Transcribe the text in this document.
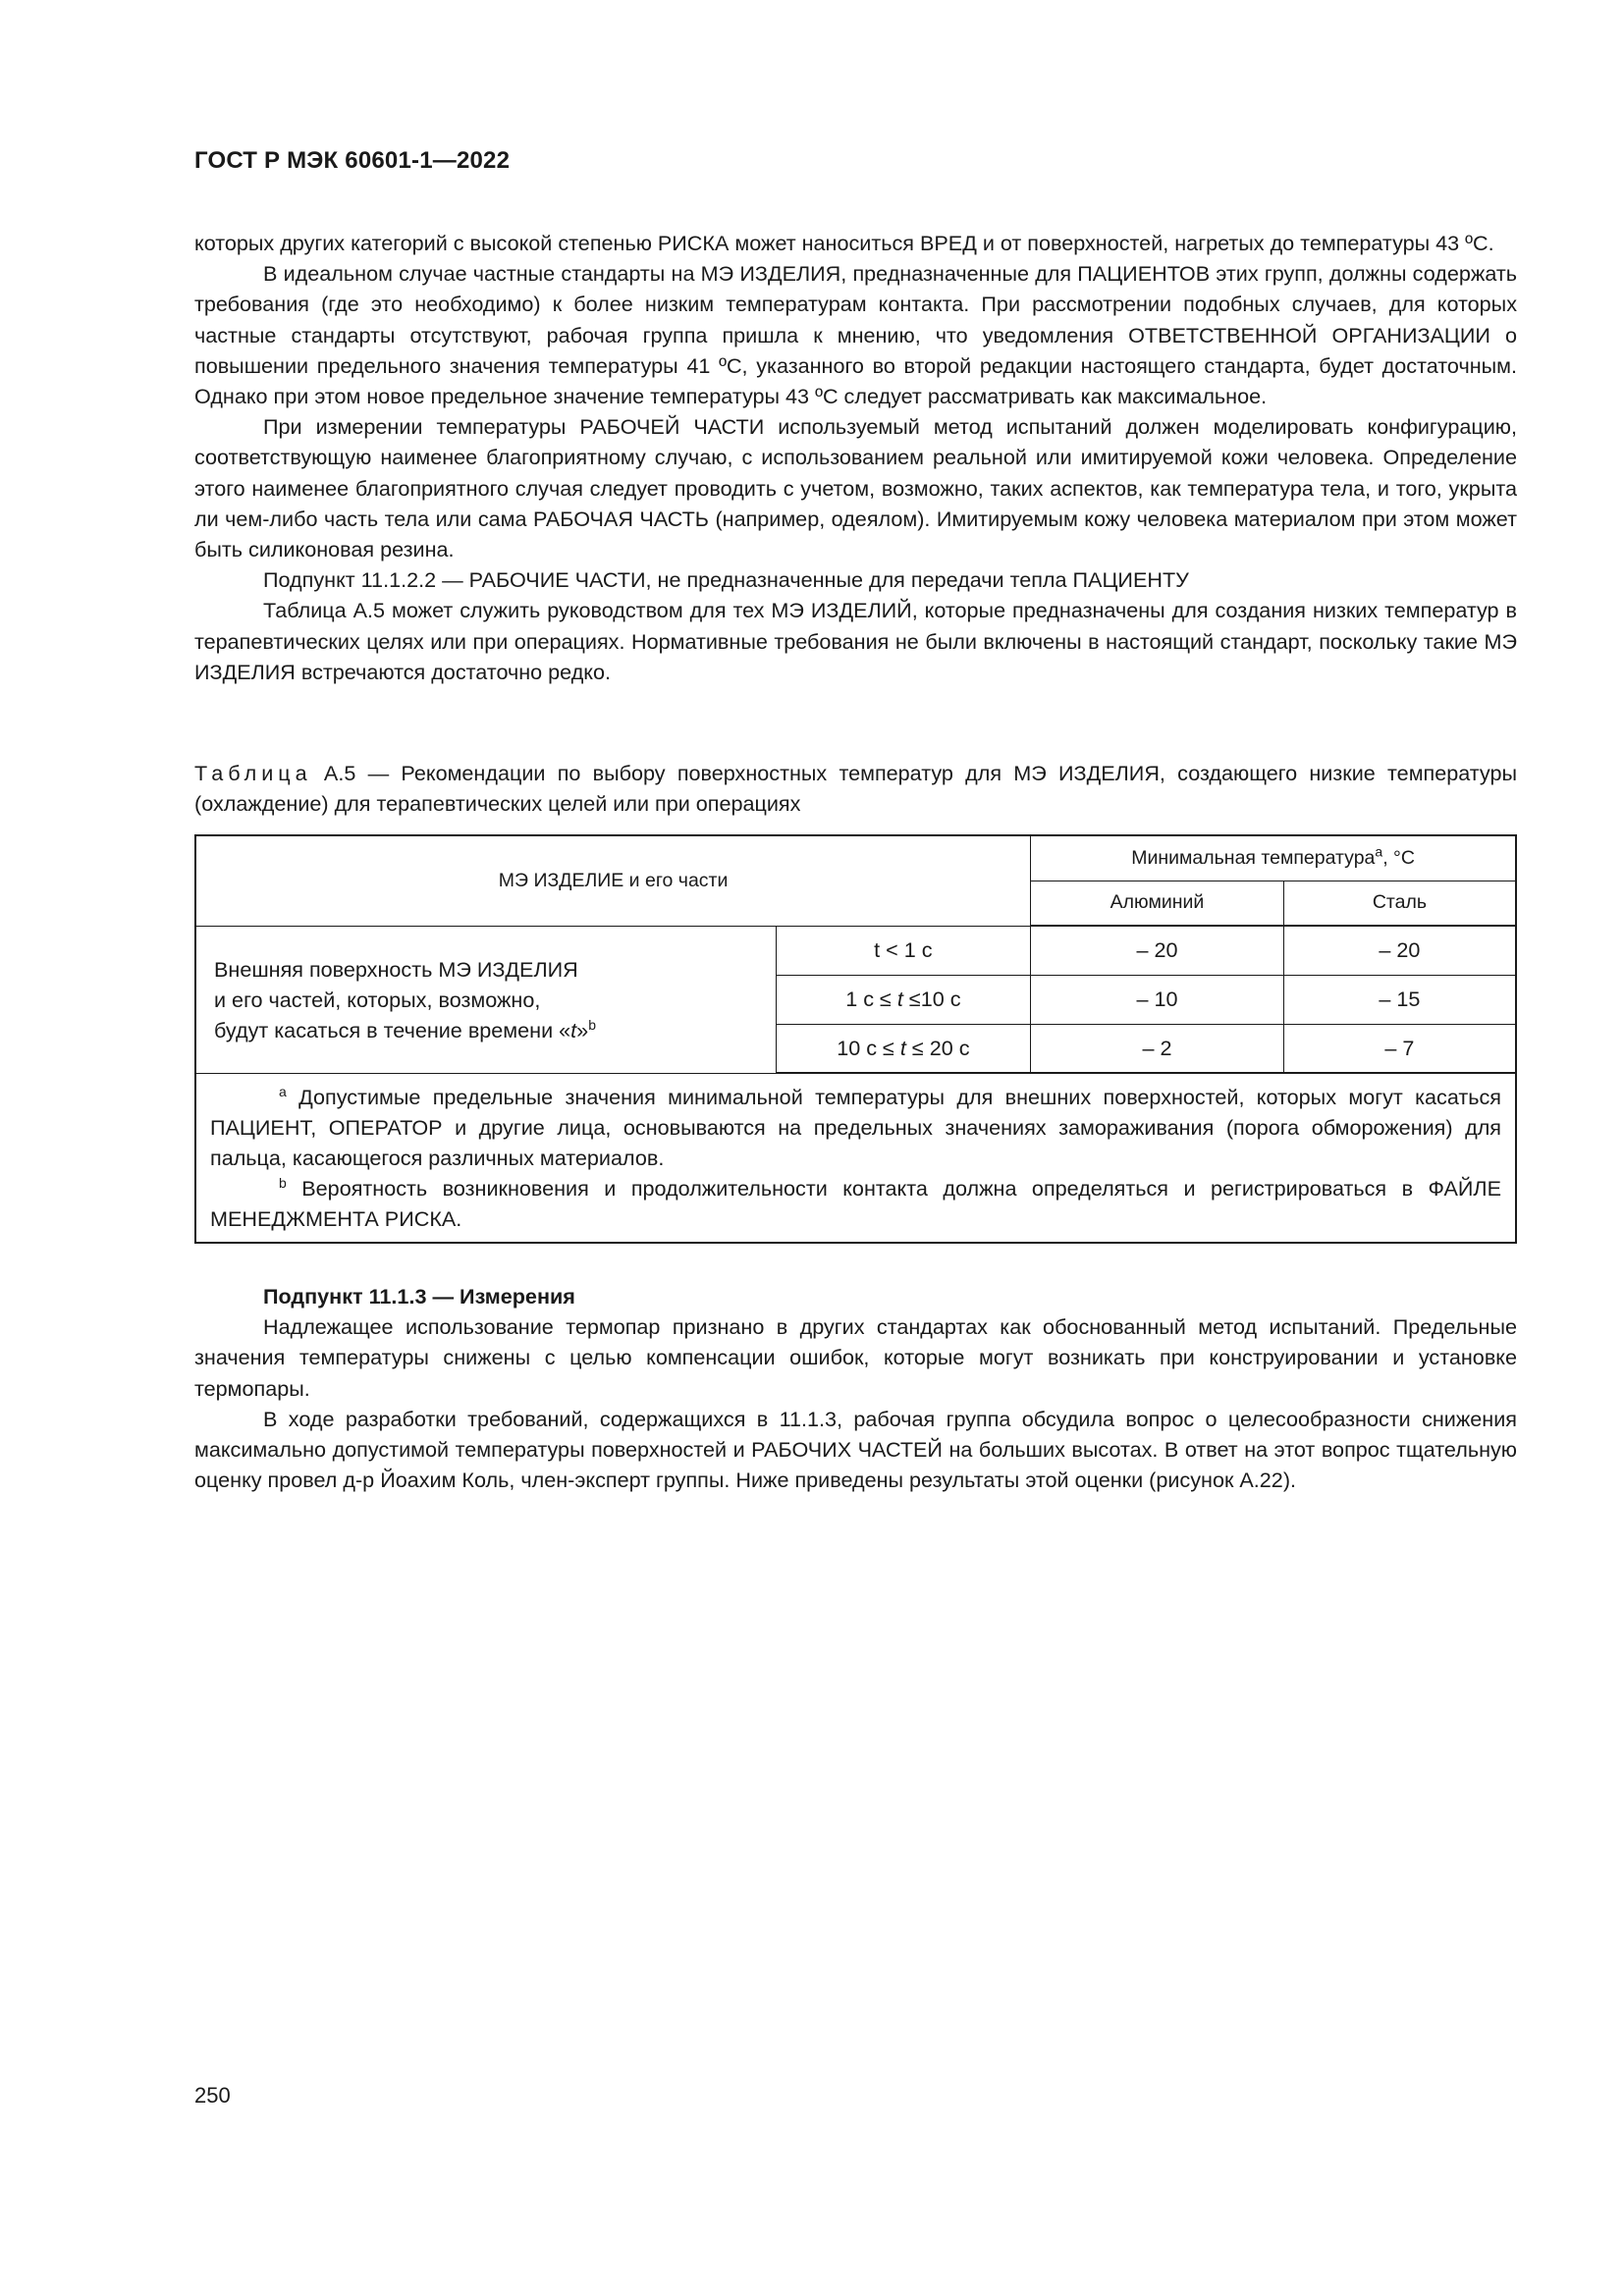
ГОСТ Р МЭК 60601-1—2022

которых других категорий с высокой степенью РИСКА может наноситься ВРЕД и от поверхностей, нагретых до температуры 43 ºС.

В идеальном случае частные стандарты на МЭ ИЗДЕЛИЯ, предназначенные для ПАЦИЕНТОВ этих групп, должны содержать требования (где это необходимо) к более низким температурам контакта. При рассмотрении подобных случаев, для которых частные стандарты отсутствуют, рабочая группа пришла к мнению, что уведомления ОТВЕТСТВЕННОЙ ОРГАНИЗАЦИИ о повышении предельного значения температуры 41 ºС, указанного во второй редакции настоящего стандарта, будет достаточным. Однако при этом новое предельное значение температуры 43 ºС следует рассматривать как максимальное.

При измерении температуры РАБОЧЕЙ ЧАСТИ используемый метод испытаний должен моделировать конфигурацию, соответствующую наименее благоприятному случаю, с использованием реальной или имитируемой кожи человека. Определение этого наименее благоприятного случая следует проводить с учетом, возможно, таких аспектов, как температура тела, и того, укрыта ли чем-либо часть тела или сама РАБОЧАЯ ЧАСТЬ (например, одеялом). Имитируемым кожу человека материалом при этом может быть силиконовая резина.

Подпункт 11.1.2.2 — РАБОЧИЕ ЧАСТИ, не предназначенные для передачи тепла ПАЦИЕНТУ

Таблица А.5 может служить руководством для тех МЭ ИЗДЕЛИЙ, которые предназначены для создания низких температур в терапевтических целях или при операциях. Нормативные требования не были включены в настоящий стандарт, поскольку такие МЭ ИЗДЕЛИЯ встречаются достаточно редко.

Таблица А.5 — Рекомендации по выбору поверхностных температур для МЭ ИЗДЕЛИЯ, создающего низкие температуры (охлаждение) для терапевтических целей или при операциях
МЭ ИЗДЕЛИЕ и его части		Минимальная температура$^a$, °С	
		Алюминий	Сталь

Внешняя поверхность МЭ ИЗДЕЛИЯ
и его частей, которых, возможно,
будут касаться в течение времени «t»$^b$	t < 1 с	– 20	– 20
	1 с ≤ t ≤10 с	– 10	– 15
	10 с ≤ t ≤ 20 с	– 2	– 7

$^a$ Допустимые предельные значения минимальной температуры для внешних поверхностей, которых могут касаться ПАЦИЕНТ, ОПЕРАТОР и другие лица, основываются на предельных значениях замораживания (порога обморожения) для пальца, касающегося различных материалов.

$^b$ Вероятность возникновения и продолжительности контакта должна определяться и регистрироваться в ФАЙЛЕ МЕНЕДЖМЕНТА РИСКА.			

Подпункт 11.1.3 — Измерения

Надлежащее использование термопар признано в других стандартах как обоснованный метод испытаний. Предельные значения температуры снижены с целью компенсации ошибок, которые могут возникать при конструировании и установке термопары.

В ходе разработки требований, содержащихся в 11.1.3, рабочая группа обсудила вопрос о целесообразности снижения максимально допустимой температуры поверхностей и РАБОЧИХ ЧАСТЕЙ на больших высотах. В ответ на этот вопрос тщательную оценку провел д-р Йоахим Коль, член-эксперт группы. Ниже приведены результаты этой оценки (рисунок А.22).

250
